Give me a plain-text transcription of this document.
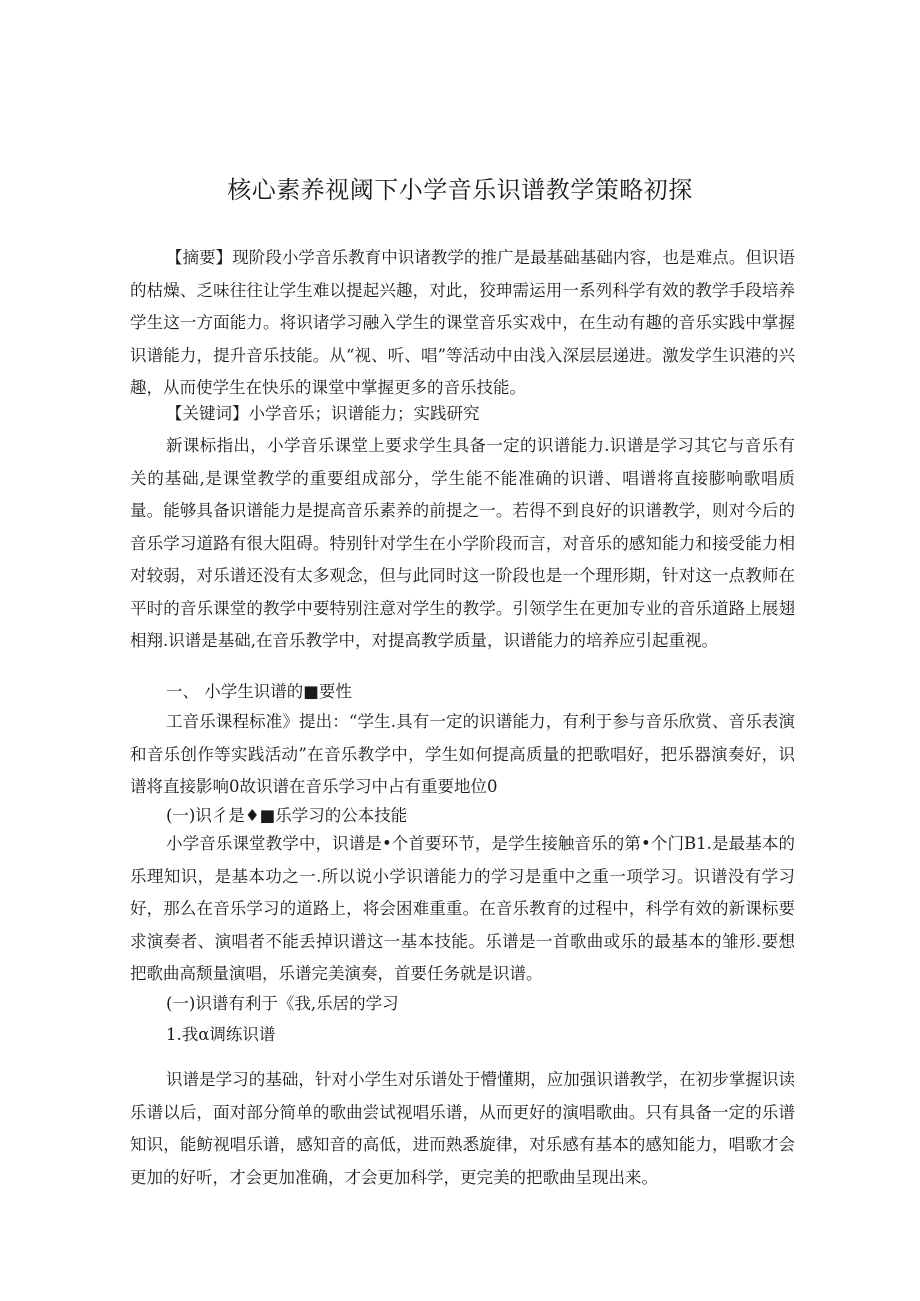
核心素养视阈下小学音乐识谱教学策略初探

【摘要】现阶段小学音乐教育中识诸教学的推广是最基础基础内容，也是难点。但识语的枯燥、乏味往往让学生难以提起兴趣，对此，狡珅需运用一系列科学有效的教学手段培养学生这一方面能力。将识诸学习融入学生的课堂音乐实戏中，在生动有趣的音乐实践中掌握识谱能力，提升音乐技能。从“视、听、唱”等活动中由浅入深层层递进。激发学生识港的兴趣，从而使学生在快乐的课堂中掌握更多的音乐技能。

【关键词】小学音乐；识谱能力；实践研究

新课标指出，小学音乐课堂上要求学生具备一定的识谱能力.识谱是学习其它与音乐有关的基础,是课堂教学的重要组成部分，学生能不能准确的识谱、唱谱将直接膨响歌唱质量。能够具备识谱能力是提高音乐素养的前提之一。若得不到良好的识谱教学，则对今后的音乐学习道路有很大阻碍。特别针对学生在小学阶段而言，对音乐的感知能力和接受能力相对较弱，对乐谱还没有太多观念，但与此同时这一阶段也是一个理形期，针对这一点教师在平时的音乐课堂的教学中要特别注意对学生的教学。引领学生在更加专业的音乐道路上展翅相翔.识谱是基础,在音乐教学中，对提高教学质量，识谱能力的培养应引起重视。

一、 小学生识谱的■要性

工音乐课程标准》提出：“学生.具有一定的识谱能力，有利于参与音乐欣赏、音乐表演和音乐创作等实践活动”在音乐教学中，学生如何提高质量的把歌唱好，把乐器演奏好，识谱将直接影响0故识谱在音乐学习中占有重要地位0

(一)识彳是♦■乐学习的公本技能

小学音乐课堂教学中，识谱是•个首要环节，是学生接触音乐的第•个门B1.是最基本的乐理知识，是基本功之一.所以说小学识谱能力的学习是重中之重一项学习。识谱没有学习好，那么在音乐学习的道路上，将会困难重重。在音乐教育的过程中，科学有效的新课标要求演奏者、演唱者不能丢掉识谱这一基本技能。乐谱是一首歌曲或乐的最基本的雏形.要想把歌曲高颓量演唱，乐谱完美演奏，首要任务就是识谱。

(一)识谱有利于《我,乐居的学习
1.我α调练识谱

识谱是学习的基础，针对小学生对乐谱处于懵懂期，应加强识谱教学，在初步掌握识读乐谱以后，面对部分简单的歌曲尝试视唱乐谱，从而更好的演唱歌曲。只有具备一定的乐谱知识，能鲂视唱乐谱，感知音的高低，进而熟悉旋律，对乐感有基本的感知能力，唱歌才会更加的好听，才会更加准确，才会更加科学，更完美的把歌曲呈现出来。
